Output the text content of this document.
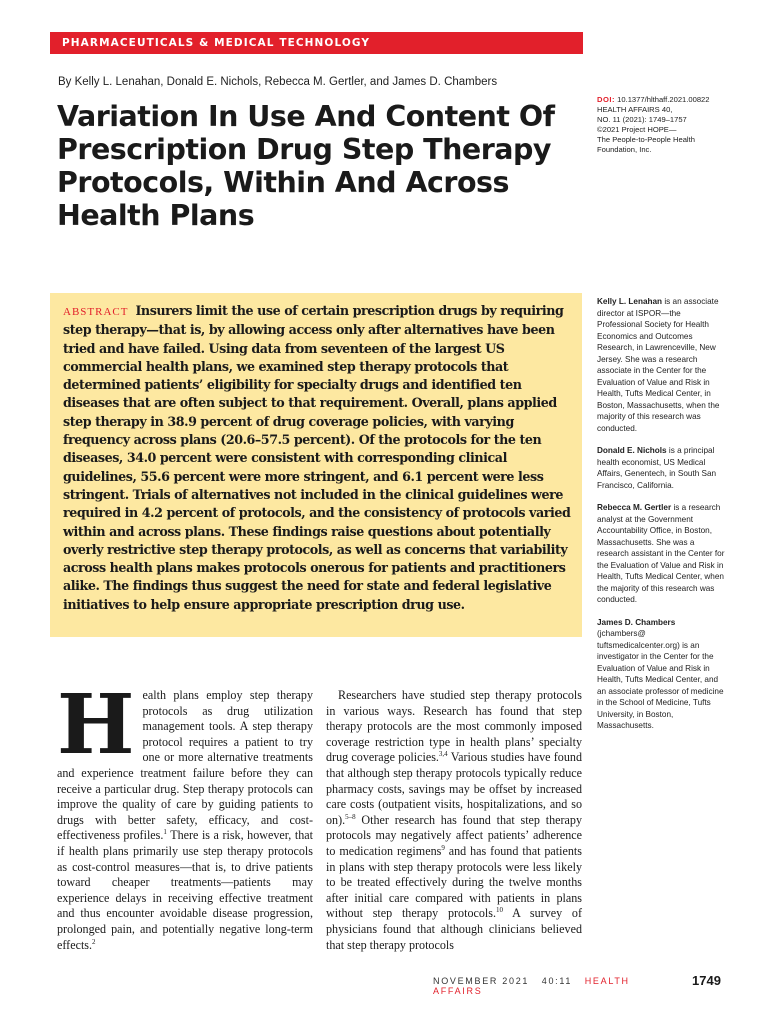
PHARMACEUTICALS & MEDICAL TECHNOLOGY
By Kelly L. Lenahan, Donald E. Nichols, Rebecca M. Gertler, and James D. Chambers
Variation In Use And Content Of Prescription Drug Step Therapy Protocols, Within And Across Health Plans
DOI: 10.1377/hlthaff.2021.00822
HEALTH AFFAIRS 40,
NO. 11 (2021): 1749–1757
©2021 Project HOPE—
The People-to-People Health
Foundation, Inc.

ABSTRACT Insurers limit the use of certain prescription drugs by requiring step therapy—that is, by allowing access only after alternatives have been tried and have failed. Using data from seventeen of the largest US commercial health plans, we examined step therapy protocols that determined patients’ eligibility for specialty drugs and identified ten diseases that are often subject to that requirement. Overall, plans applied step therapy in 38.9 percent of drug coverage policies, with varying frequency across plans (20.6–57.5 percent). Of the protocols for the ten diseases, 34.0 percent were consistent with corresponding clinical guidelines, 55.6 percent were more stringent, and 6.1 percent were less stringent. Trials of alternatives not included in the clinical guidelines were required in 4.2 percent of protocols, and the consistency of protocols varied within and across plans. These findings raise questions about potentially overly restrictive step therapy protocols, as well as concerns that variability across health plans makes protocols onerous for patients and practitioners alike. The findings thus suggest the need for state and federal legislative initiatives to help ensure appropriate prescription drug use.

Kelly L. Lenahan is an associate director at ISPOR—the Professional Society for Health Economics and Outcomes Research, in Lawrenceville, New Jersey. She was a research associate in the Center for the Evaluation of Value and Risk in Health, Tufts Medical Center, in Boston, Massachusetts, when the majority of this research was conducted.

Donald E. Nichols is a principal health economist, US Medical Affairs, Genentech, in South San Francisco, California.

Rebecca M. Gertler is a research analyst at the Government Accountability Office, in Boston, Massachusetts. She was a research assistant in the Center for the Evaluation of Value and Risk in Health, Tufts Medical Center, when the majority of this research was conducted.

James D. Chambers (jchambers@ tuftsmedicalcenter.org) is an investigator in the Center for the Evaluation of Value and Risk in Health, Tufts Medical Center, and an associate professor of medicine in the School of Medicine, Tufts University, in Boston, Massachusetts.

Health plans employ step therapy protocols as drug utilization management tools. A step therapy protocol requires a patient to try one or more alternative treatments and experience treatment failure before they can receive a particular drug. Step therapy protocols can improve the quality of care by guiding patients to drugs with better safety, efficacy, and cost-effectiveness profiles.$^1$ There is a risk, however, that if health plans primarily use step therapy protocols as cost-control measures—that is, to drive patients toward cheaper treatments—patients may experience delays in receiving effective treatment and thus encounter avoidable disease progression, prolonged pain, and potentially negative long-term effects.$^2$

Researchers have studied step therapy protocols in various ways. Research has found that step therapy protocols are the most commonly imposed coverage restriction type in health plans’ specialty drug coverage policies.$^{3,4}$ Various studies have found that although step therapy protocols typically reduce pharmacy costs, savings may be offset by increased care costs (outpatient visits, hospitalizations, and so on).$^{5-8}$ Other research has found that step therapy protocols may negatively affect patients’ adherence to medication regimens$^9$ and has found that patients in plans with step therapy protocols were less likely to be treated effectively during the twelve months after initial care compared with patients in plans without step therapy protocols.$^{10}$ A survey of physicians found that although clinicians believed that step therapy protocols

NOVEMBER 2021 40:11 HEALTH AFFAIRS
1749
